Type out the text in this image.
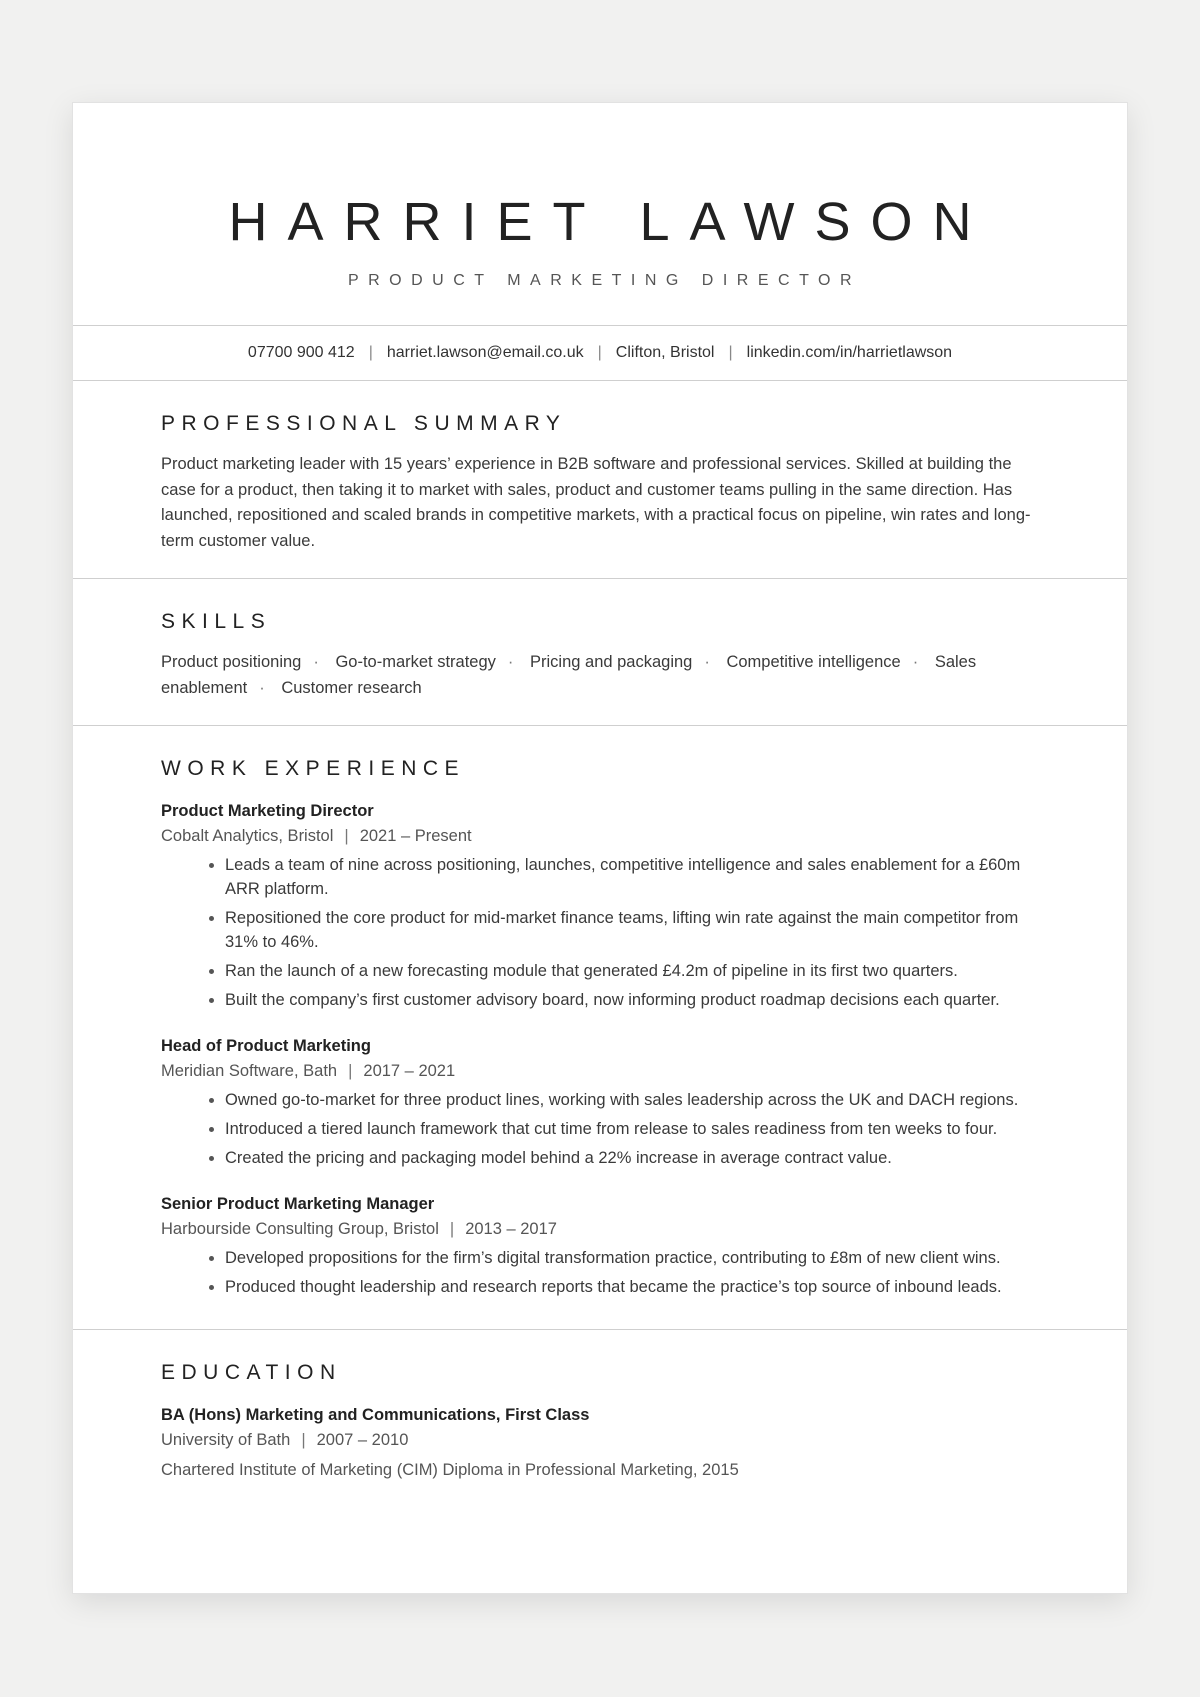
HARRIET LAWSON
PRODUCT MARKETING DIRECTOR
07700 900 412 | harriet.lawson@email.co.uk | Clifton, Bristol | linkedin.com/in/harrietlawson
PROFESSIONAL SUMMARY

Product marketing leader with 15 years’ experience in B2B software and professional services. Skilled at building the case for a product, then taking it to market with sales, product and customer teams pulling in the same direction. Has launched, repositioned and scaled brands in competitive markets, with a practical focus on pipeline, win rates and long-term customer value.

SKILLS
Product positioning · Go-to-market strategy · Pricing and packaging · Competitive intelligence · Sales enablement · Customer research
WORK EXPERIENCE
Product Marketing Director
Cobalt Analytics, Bristol | 2021 – Present
• Leads a team of nine across positioning, launches, competitive intelligence and sales enablement for a £60m ARR platform.
• Repositioned the core product for mid-market finance teams, lifting win rate against the main competitor from 31% to 46%.
• Ran the launch of a new forecasting module that generated £4.2m of pipeline in its first two quarters.
• Built the company’s first customer advisory board, now informing product roadmap decisions each quarter.
Head of Product Marketing
Meridian Software, Bath | 2017 – 2021
• Owned go-to-market for three product lines, working with sales leadership across the UK and DACH regions.
• Introduced a tiered launch framework that cut time from release to sales readiness from ten weeks to four.
• Created the pricing and packaging model behind a 22% increase in average contract value.
Senior Product Marketing Manager
Harbourside Consulting Group, Bristol | 2013 – 2017
• Developed propositions for the firm’s digital transformation practice, contributing to £8m of new client wins.
• Produced thought leadership and research reports that became the practice’s top source of inbound leads.
EDUCATION
BA (Hons) Marketing and Communications, First Class
University of Bath | 2007 – 2010
Chartered Institute of Marketing (CIM) Diploma in Professional Marketing, 2015
